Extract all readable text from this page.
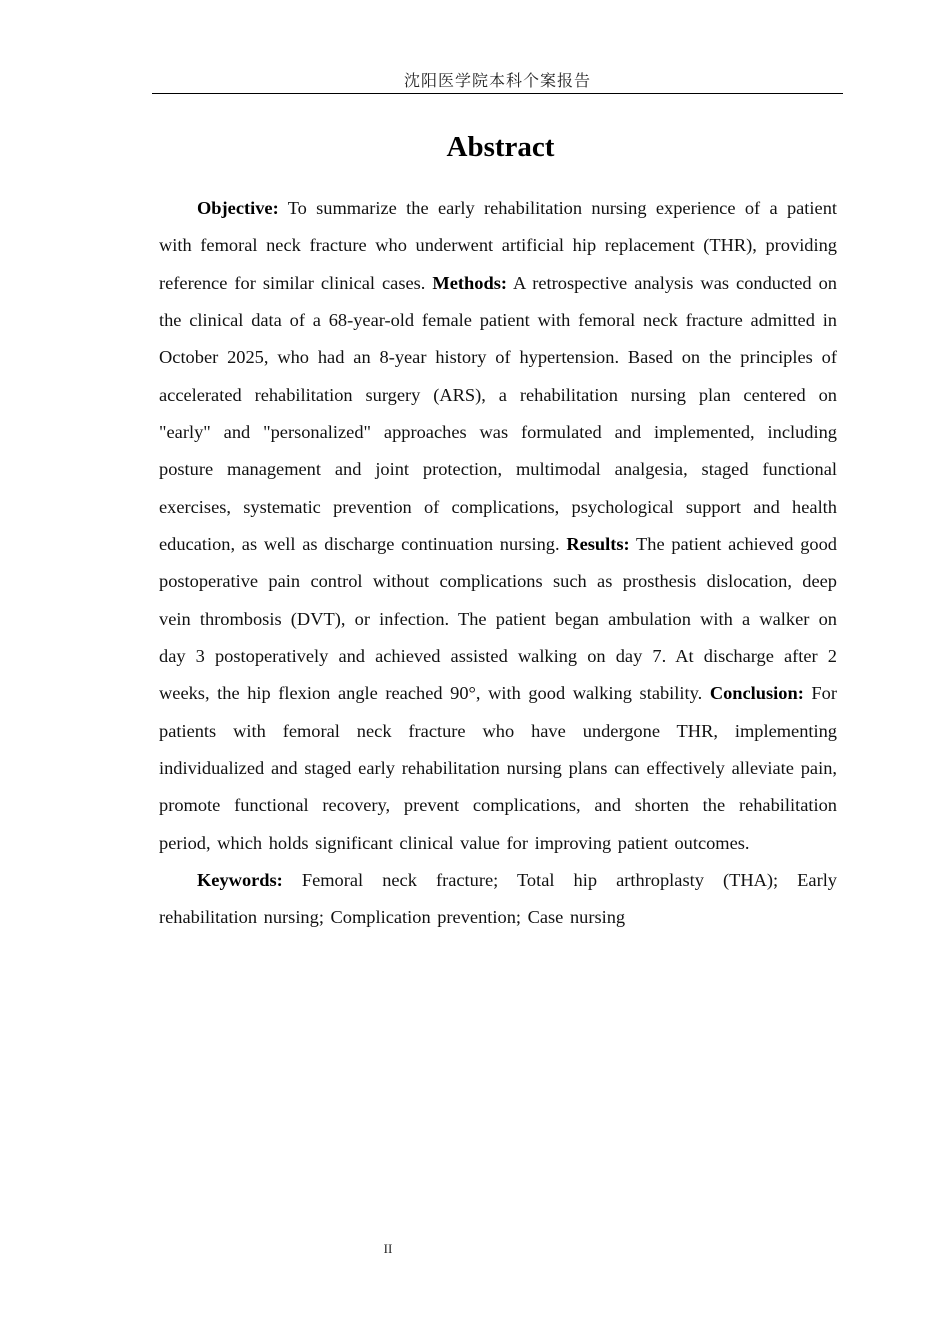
沈阳医学院本科个案报告
Abstract

Objective: To summarize the early rehabilitation nursing experience of a patient with femoral neck fracture who underwent artificial hip replacement (THR), providing reference for similar clinical cases. Methods: A retrospective analysis was conducted on the clinical data of a 68-year-old female patient with femoral neck fracture admitted in October 2025, who had an 8-year history of hypertension. Based on the principles of accelerated rehabilitation surgery (ARS), a rehabilitation nursing plan centered on "early" and "personalized" approaches was formulated and implemented, including posture management and joint protection, multimodal analgesia, staged functional exercises, systematic prevention of complications, psychological support and health education, as well as discharge continuation nursing. Results: The patient achieved good postoperative pain control without complications such as prosthesis dislocation, deep vein thrombosis (DVT), or infection. The patient began ambulation with a walker on day 3 postoperatively and achieved assisted walking on day 7. At discharge after 2 weeks, the hip flexion angle reached 90°, with good walking stability. Conclusion: For patients with femoral neck fracture who have undergone THR, implementing individualized and staged early rehabilitation nursing plans can effectively alleviate pain, promote functional recovery, prevent complications, and shorten the rehabilitation period, which holds significant clinical value for improving patient outcomes.

Keywords: Femoral neck fracture; Total hip arthroplasty (THA); Early rehabilitation nursing; Complication prevention; Case nursing

II
